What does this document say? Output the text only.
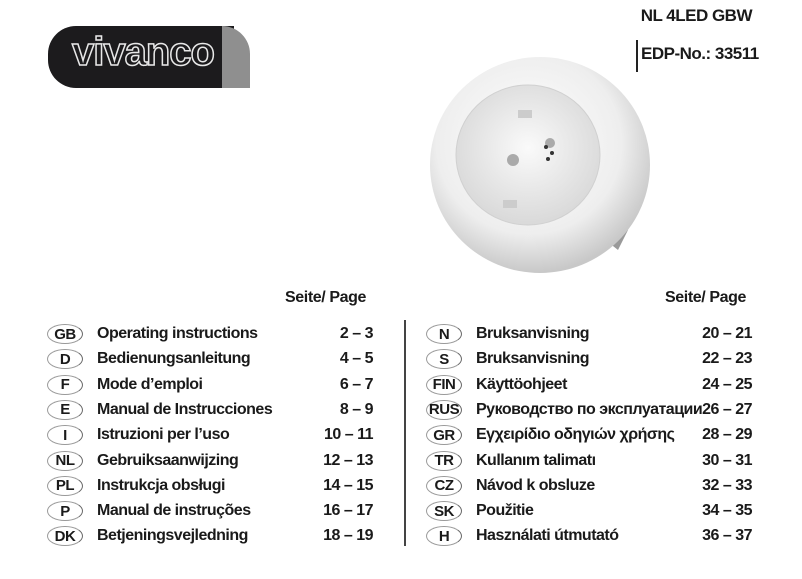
vivanco
NL 4LED GBW
EDP-No.: 33511
Seite/ Page	Seite/ Page
GB	Operating instructions	2 – 3
D	Bedienungsanleitung	4 – 5
F	Mode d’emploi	6 – 7
E	Manual de Instrucciones	8 – 9
I	Istruzioni per l’uso	10 – 11
NL	Gebruiksaanwijzing	12 – 13
PL	Instrukcja obsługi	14 – 15
P	Manual de instruções	16 – 17
DK	Betjeningsvejledning	18 – 19
N	Bruksanvisning	20 – 21
S	Bruksanvisning	22 – 23
FIN	Käyttöohjeet	24 – 25
RUS Руководство по эксплуатации 26 – 27
GR	Εγχειρίδιο οδηγιών χρήσης 28 – 29
TR	Kullanım talimatı	30 – 31
CZ	Návod k obsluze	32 – 33
SK	Použitie	34 – 35
H	Használati útmutató	36 – 37
